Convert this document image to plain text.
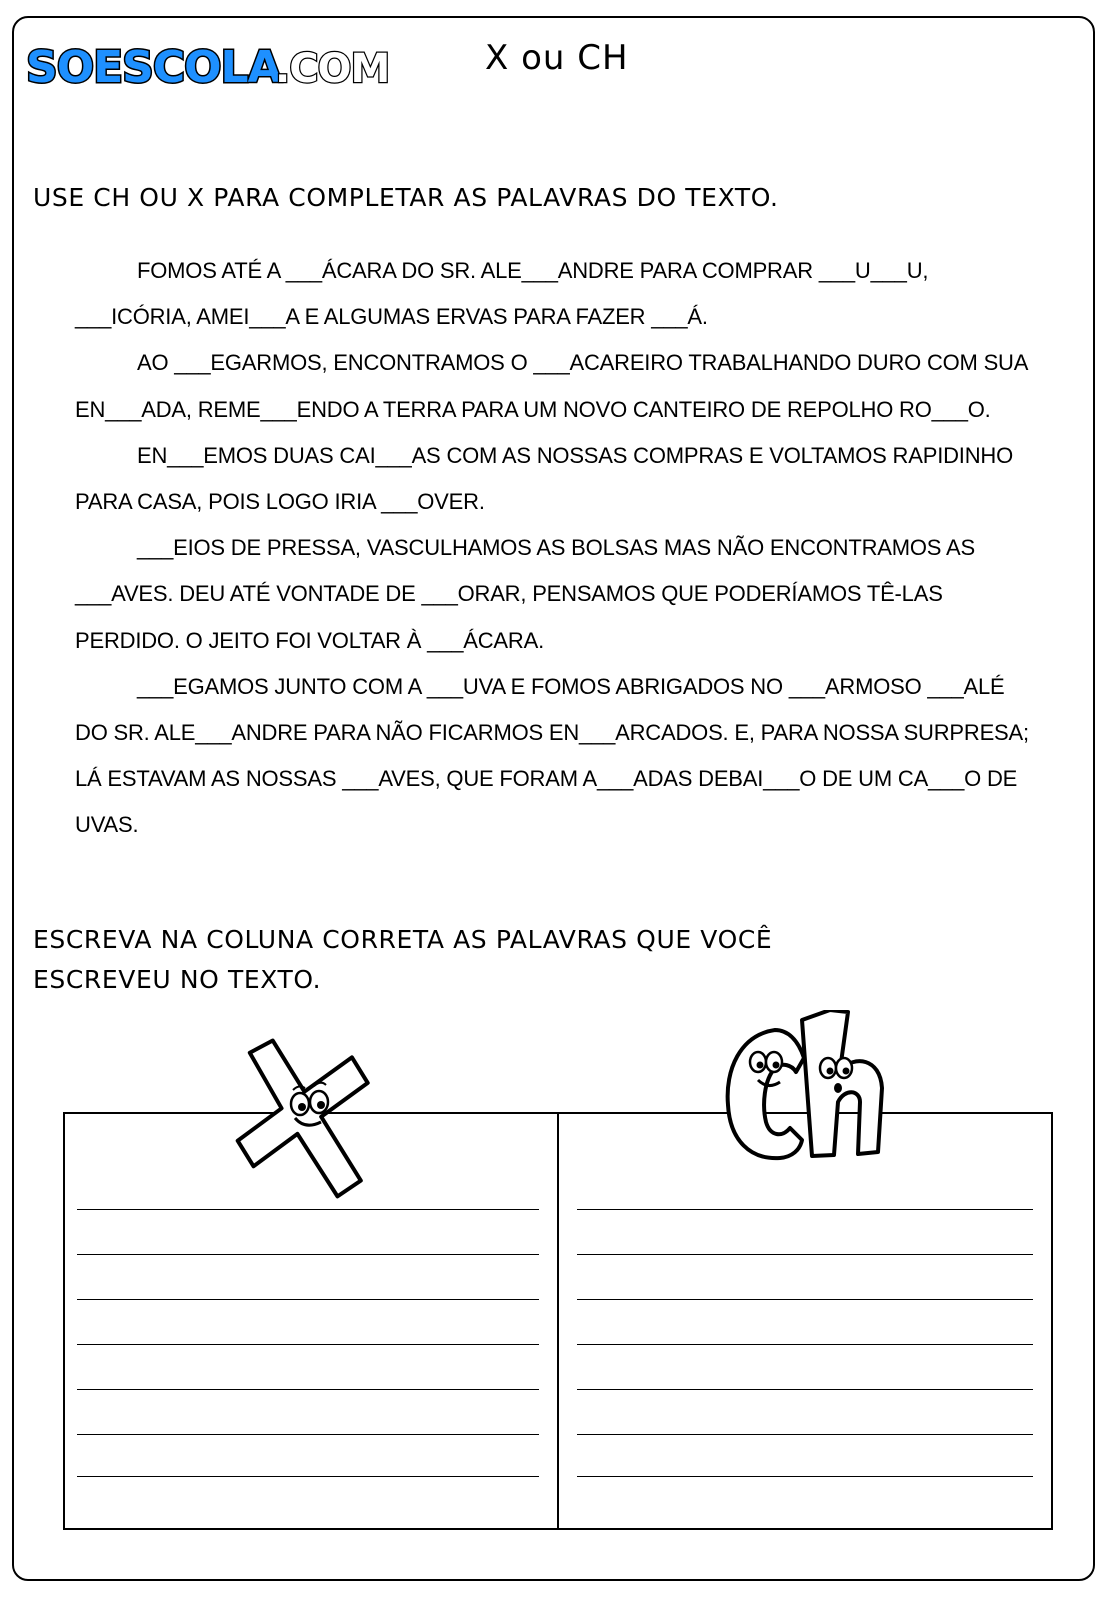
SOESCOLA
.COM	X ou CH
USE CH OU X PARA COMPLETAR AS PALAVRAS DO TEXTO.

FOMOS ATÉ A ___ÁCARA DO SR. ALE___ANDRE PARA COMPRAR ___U___U, ___ICÓRIA, AMEI___A E ALGUMAS ERVAS PARA FAZER ___Á.

AO ___EGARMOS, ENCONTRAMOS O ___ACAREIRO TRABALHANDO DURO COM SUA EN___ADA, REME___ENDO A TERRA PARA UM NOVO CANTEIRO DE REPOLHO RO___O.

EN___EMOS DUAS CAI___AS COM AS NOSSAS COMPRAS E VOLTAMOS RAPIDINHO PARA CASA, POIS LOGO IRIA ___OVER.

___EIOS DE PRESSA, VASCULHAMOS AS BOLSAS MAS NÃO ENCONTRAMOS AS ___AVES. DEU ATÉ VONTADE DE ___ORAR, PENSAMOS QUE PODERÍAMOS TÊ-LAS PERDIDO. O JEITO FOI VOLTAR À ___ÁCARA.

___EGAMOS JUNTO COM A ___UVA E FOMOS ABRIGADOS NO ___ARMOSO ___ALÉ DO SR. ALE___ANDRE PARA NÃO FICARMOS EN___ARCADOS. E, PARA NOSSA SURPRESA; LÁ ESTAVAM AS NOSSAS ___AVES, QUE FORAM A___ADAS DEBAI___O DE UM CA___O DE UVAS.

ESCREVA NA COLUNA CORRETA AS PALAVRAS QUE VOCÊ
ESCREVEU NO TEXTO.
